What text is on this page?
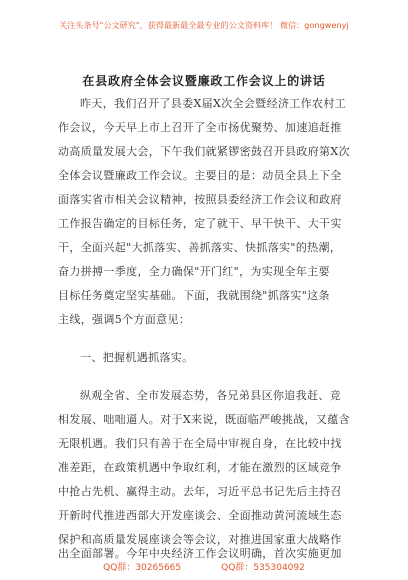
关注头条号"公文研究"，获得最新最全最专业的公文资料库！ 微信：gongwenyj
在县政府全体会议暨廉政工作会议上的讲话
昨天，我们召开了县委X届X次全会暨经济工作农村工
作会议，今天早上市上召开了全市扬优聚势、加速追赶推
动高质量发展大会，下午我们就紧锣密鼓召开县政府第X次
全体会议暨廉政工作会议。主要目的是：动员全县上下全
面落实省市相关会议精神，按照县委经济工作会议和政府
工作报告确定的目标任务，定了就干、早干快干、大干实
干，全面兴起"大抓落实、善抓落实、快抓落实"的热潮，
奋力拼搏一季度，全力确保"开门红"，为实现全年主要
目标任务奠定坚实基础。下面，我就围绕"抓落实"这条
主线，强调5个方面意见：
一、把握机遇抓落实。
纵观全省、全市发展态势，各兄弟县区你追我赶、竞
相发展、咄咄逼人。对于X来说，既面临严峻挑战，又蕴含
无限机遇。我们只有善于在全局中审视自身，在比较中找
准差距，在政策机遇中争取红利，才能在激烈的区域竞争
中抢占先机、赢得主动。去年，习近平总书记先后主持召
开新时代推进西部大开发座谈会、全面推动黄河流域生态
保护和高质量发展座谈会等会议，对推进国家重大战略作
出全面部署。今年中央经济工作会议明确，首次实施更加
QQ群：30265665	QQ群：535304092
